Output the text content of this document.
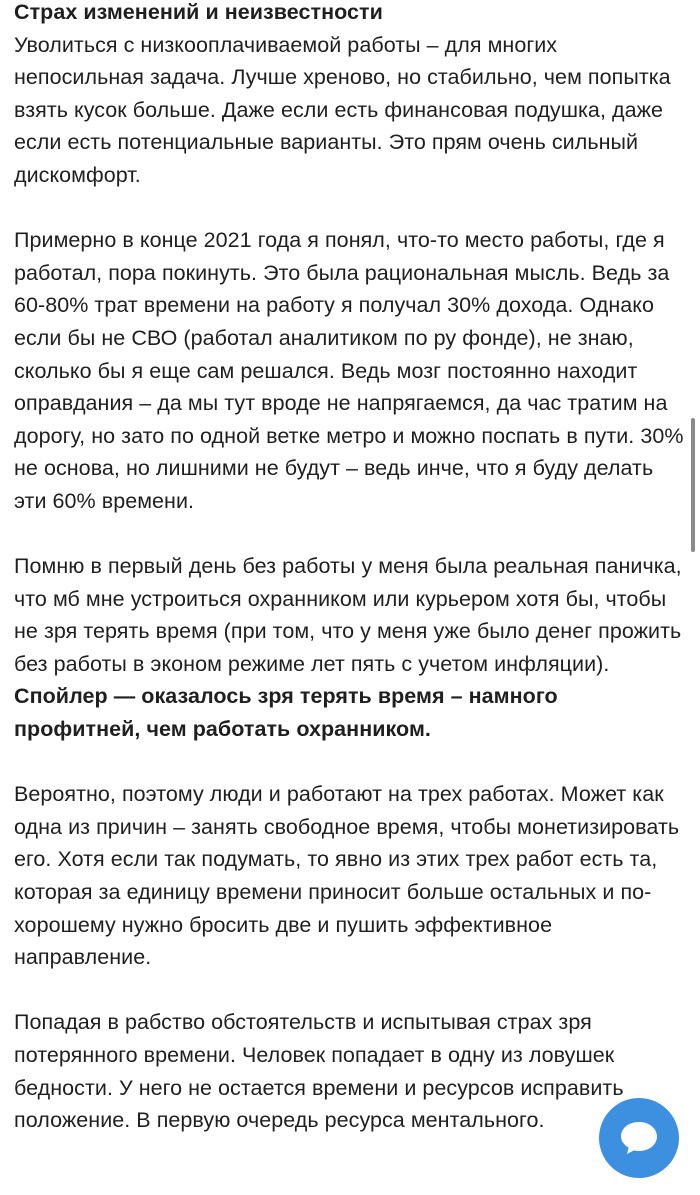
Страх изменений и неизвестности

Уволиться с низкооплачиваемой работы – для многих непосильная задача. Лучше хреново, но стабильно, чем попытка взять кусок больше. Даже если есть финансовая подушка, даже если есть потенциальные варианты. Это прям очень сильный дискомфорт.

Примерно в конце 2021 года я понял, что-то место работы, где я работал, пора покинуть. Это была рациональная мысль. Ведь за 60-80% трат времени на работу я получал 30% дохода. Однако если бы не СВО (работал аналитиком по ру фонде), не знаю, сколько бы я еще сам решался. Ведь мозг постоянно находит оправдания – да мы тут вроде не напрягаемся, да час тратим на дорогу, но зато по одной ветке метро и можно поспать в пути. 30% не основа, но лишними не будут – ведь инче, что я буду делать эти 60% времени.

Помню в первый день без работы у меня была реальная паничка, что мб мне устроиться охранником или курьером хотя бы, чтобы не зря терять время (при том, что у меня уже было денег прожить без работы в эконом режиме лет пять с учетом инфляции).

Спойлер — оказалось зря терять время – намного профитней, чем работать охранником.

Вероятно, поэтому люди и работают на трех работах. Может как одна из причин – занять свободное время, чтобы монетизировать его. Хотя если так подумать, то явно из этих трех работ есть та, которая за единицу времени приносит больше остальных и по-хорошему нужно бросить две и пушить эффективное направление.

Попадая в рабство обстоятельств и испытывая страх зря потерянного времени. Человек попадает в одну из ловушек бедности. У него не остается времени и ресурсов исправить положение. В первую очередь ресурса ментального.
